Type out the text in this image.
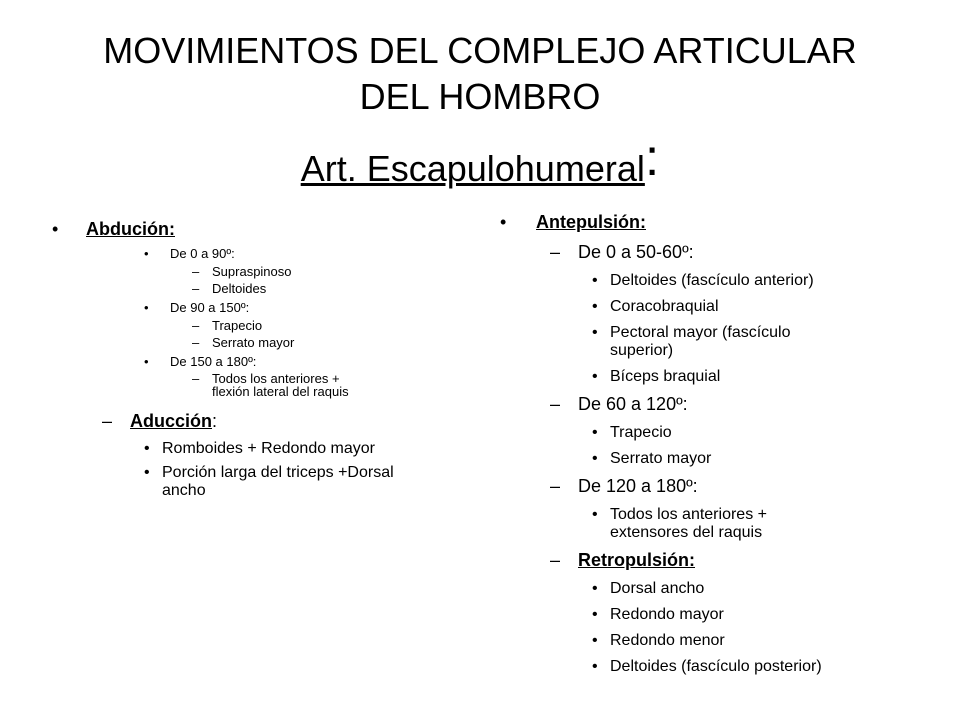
MOVIMIENTOS DEL COMPLEJO ARTICULAR
DEL HOMBRO
Art. Escapulohumeral:
• Abdución:
• De 0 a 90º:
– Supraspinoso
– Deltoides
• De 90 a 150º:
– Trapecio
– Serrato mayor
• De 150 a 180º:
– Todos los anteriores + flexión lateral del raquis
– Aducción:
• Romboides + Redondo mayor
• Porción larga del triceps +Dorsal ancho
• Antepulsión:
– De 0 a 50-60º:
• Deltoides (fascículo anterior)
• Coracobraquial
• Pectoral mayor (fascículo superior)
• Bíceps braquial
– De 60 a 120º:
• Trapecio
• Serrato mayor
– De 120 a 180º:
• Todos los anteriores + extensores del raquis
– Retropulsión:
• Dorsal ancho
• Redondo mayor
• Redondo menor
• Deltoides (fascículo posterior)
